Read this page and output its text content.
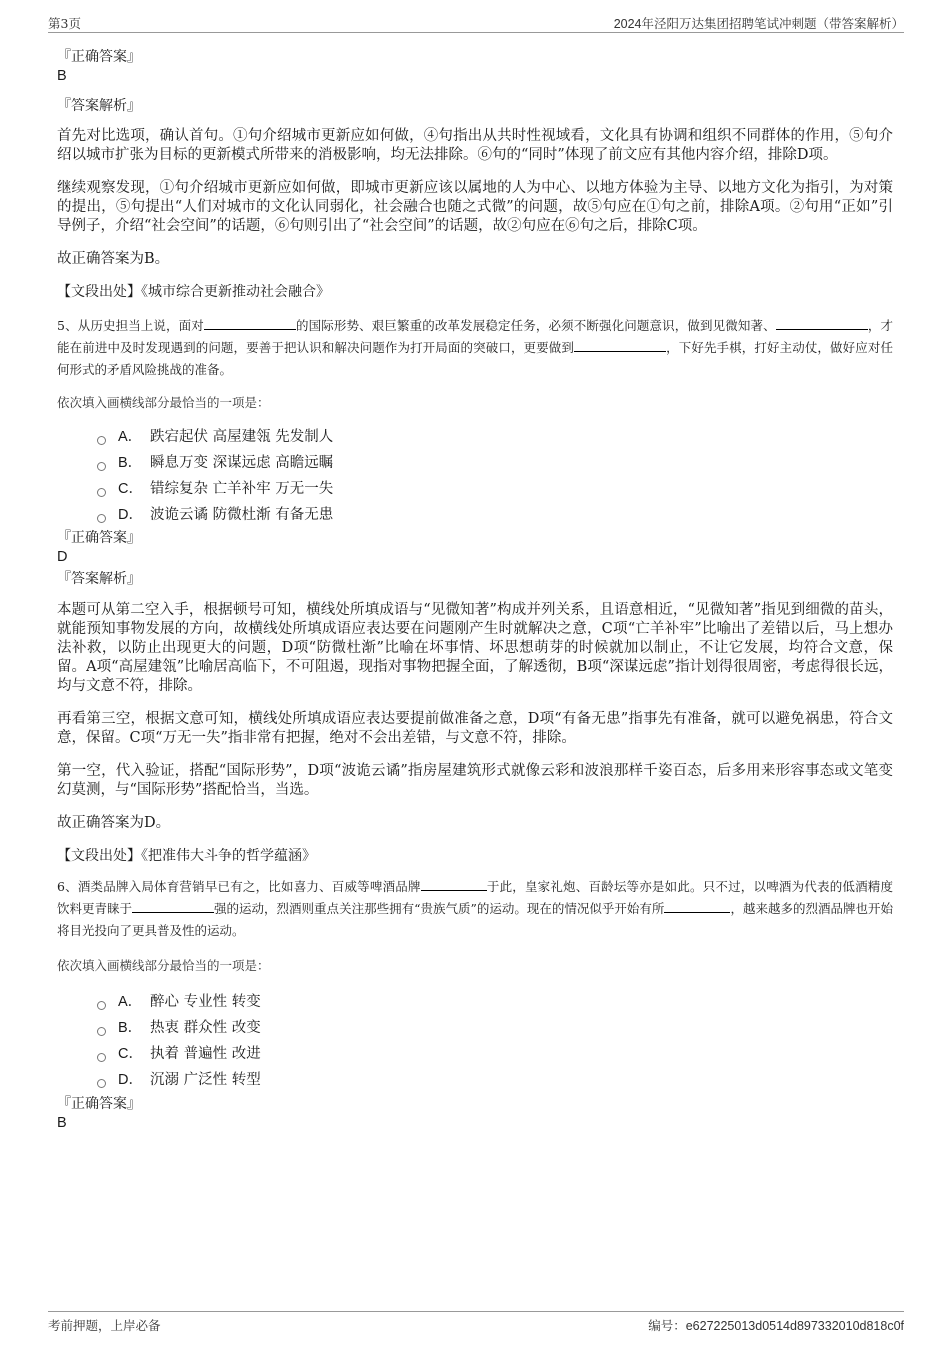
第3页	2024年泾阳万达集团招聘笔试冲刺题（带答案解析）
『正确答案』
B
『答案解析』

首先对比选项，确认首句。①句介绍城市更新应如何做，④句指出从共时性视域看，文化具有协调和组织不同群体的作用，⑤句介绍以城市扩张为目标的更新模式所带来的消极影响，均无法排除。⑥句的“同时”体现了前文应有其他内容介绍，排除D项。

继续观察发现，①句介绍城市更新应如何做，即城市更新应该以属地的人为中心、以地方体验为主导、以地方文化为指引，为对策的提出，⑤句提出“人们对城市的文化认同弱化，社会融合也随之式微”的问题，故⑤句应在①句之前，排除A项。②句用“正如”引导例子，介绍“社会空间”的话题，⑥句则引出了“社会空间”的话题，故②句应在⑥句之后，排除C项。

故正确答案为B。

【文段出处】《城市综合更新推动社会融合》

5、从历史担当上说，面对	的国际形势、艰巨繁重的改革发展稳定任务，必须不断强化问题意识，做到见微知著、	，才能在前进中及时发现遇到的问题，要善于把认识和解决问题作为打开局面的突破口，更要做到	，下好先手棋，打好主动仗，做好应对任何形式的矛盾风险挑战的准备。

依次填入画横线部分最恰当的一项是：
A． 跌宕起伏 高屋建瓴 先发制人
B． 瞬息万变 深谋远虑 高瞻远瞩
C． 错综复杂 亡羊补牢 万无一失
D． 波诡云谲 防微杜渐 有备无患
『正确答案』
D
『答案解析』

本题可从第二空入手，根据顿号可知，横线处所填成语与“见微知著”构成并列关系，且语意相近，“见微知著”指见到细微的苗头，就能预知事物发展的方向，故横线处所填成语应表达要在问题刚产生时就解决之意，C项“亡羊补牢”比喻出了差错以后，马上想办法补救，以防止出现更大的问题，D项“防微杜渐”比喻在坏事情、坏思想萌芽的时候就加以制止，不让它发展，均符合文意，保留。A项“高屋建瓴”比喻居高临下，不可阻遏，现指对事物把握全面，了解透彻，B项“深谋远虑”指计划得很周密，考虑得很长远，均与文意不符，排除。

再看第三空，根据文意可知，横线处所填成语应表达要提前做准备之意，D项“有备无患”指事先有准备，就可以避免祸患，符合文意，保留。C项“万无一失”指非常有把握，绝对不会出差错，与文意不符，排除。

第一空，代入验证，搭配“国际形势”，D项“波诡云谲”指房屋建筑形式就像云彩和波浪那样千姿百态，后多用来形容事态或文笔变幻莫测，与“国际形势”搭配恰当，当选。

故正确答案为D。

【文段出处】《把准伟大斗争的哲学蕴涵》

6、酒类品牌入局体育营销早已有之，比如喜力、百威等啤酒品牌	于此，皇家礼炮、百龄坛等亦是如此。只不过，以啤酒为代表的低酒精度饮料更青睐于	强的运动，烈酒则重点关注那些拥有“贵族气质”的运动。现在的情况似乎开始有所	，越来越多的烈酒品牌也开始将目光投向了更具普及性的运动。

依次填入画横线部分最恰当的一项是：
A． 醉心 专业性 转变
B． 热衷 群众性 改变
C． 执着 普遍性 改进
D． 沉溺 广泛性 转型
『正确答案』
B
考前押题，上岸必备	编号：e627225013d0514d897332010d818c0f
